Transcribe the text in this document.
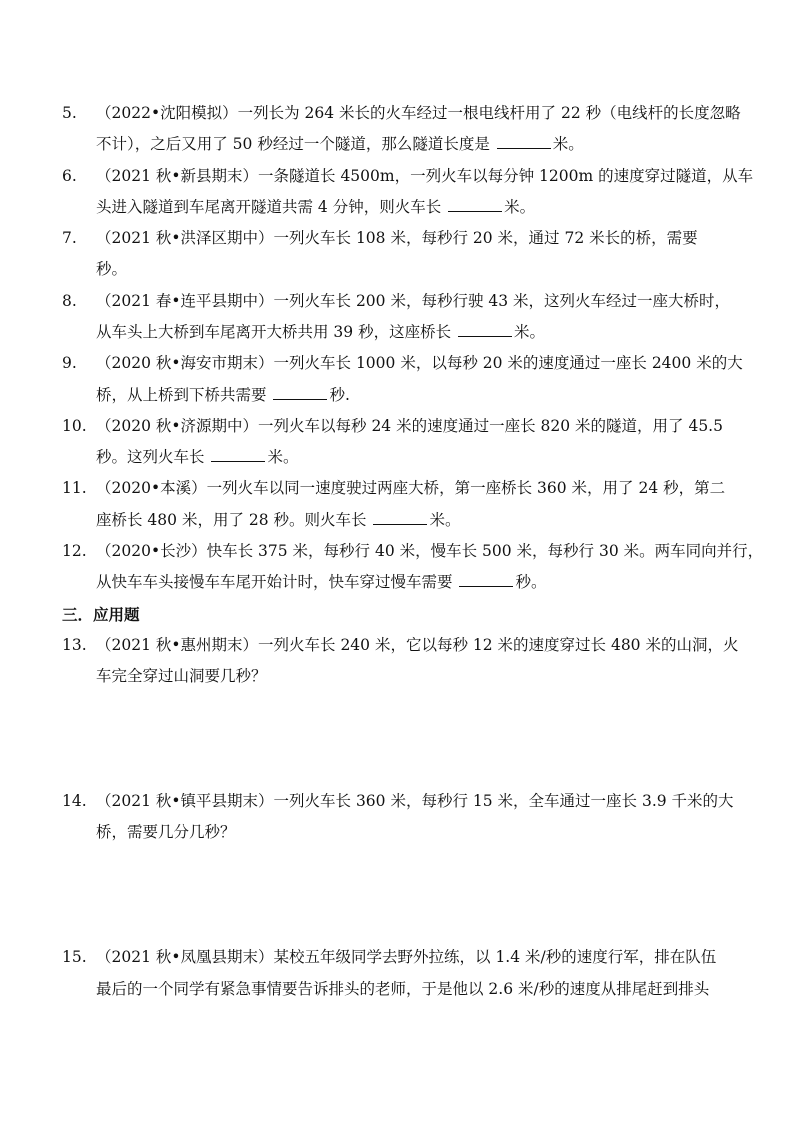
5. （2022•沈阳模拟）一列长为 264 米长的火车经过一根电线杆用了 22 秒（电线杆的长度忽略
不计），之后又用了 50 秒经过一个隧道，那么隧道长度是	米。
6. （2021 秋•新县期末）一条隧道长 4500m，一列火车以每分钟 1200m 的速度穿过隧道，从车
头进入隧道到车尾离开隧道共需 4 分钟，则火车长	米。
7. （2021 秋•洪泽区期中）一列火车长 108 米，每秒行 20 米，通过 72 米长的桥，需要
秒。
8. （2021 春•连平县期中）一列火车长 200 米，每秒行驶 43 米，这列火车经过一座大桥时，
从车头上大桥到车尾离开大桥共用 39 秒，这座桥长	米。
9. （2020 秋•海安市期末）一列火车长 1000 米，以每秒 20 米的速度通过一座长 2400 米的大
桥，从上桥到下桥共需要	秒.
10. （2020 秋•济源期中）一列火车以每秒 24 米的速度通过一座长 820 米的隧道，用了 45.5
秒。这列火车长	米。
11. （2020•本溪）一列火车以同一速度驶过两座大桥，第一座桥长 360 米，用了 24 秒，第二
座桥长 480 米，用了 28 秒。则火车长	米。
12. （2020•长沙）快车长 375 米，每秒行 40 米，慢车长 500 米，每秒行 30 米。两车同向并行，
从快车车头接慢车车尾开始计时，快车穿过慢车需要	秒。
三．应用题
13. （2021 秋•惠州期末）一列火车长 240 米，它以每秒 12 米的速度穿过长 480 米的山洞，火
车完全穿过山洞要几秒？
14. （2021 秋•镇平县期末）一列火车长 360 米，每秒行 15 米，全车通过一座长 3.9 千米的大
桥，需要几分几秒？
15. （2021 秋•凤凰县期末）某校五年级同学去野外拉练，以 1.4 米/秒的速度行军，排在队伍
最后的一个同学有紧急事情要告诉排头的老师，于是他以 2.6 米/秒的速度从排尾赶到排头
